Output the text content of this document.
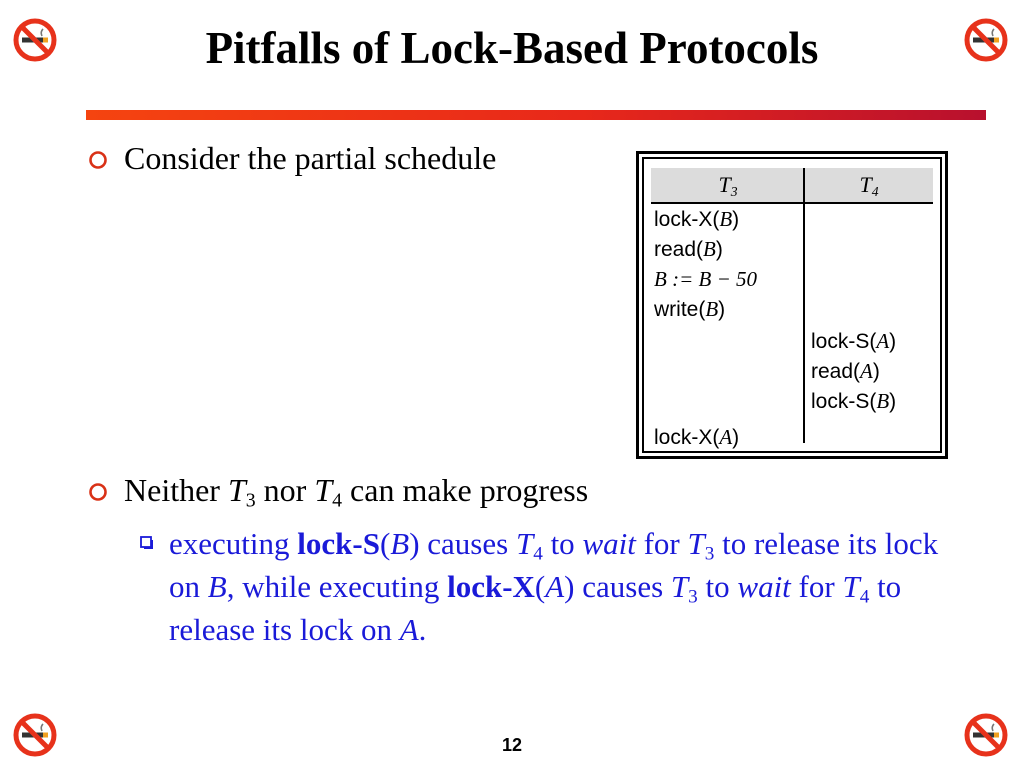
Pitfalls of Lock-Based Protocols
Consider the partial schedule
$T_3$	$T_4$
lock-X(B)
read(B)
B := B − 50
write(B)
lock-S(A)
read(A)
lock-S(B)
lock-X(A)
Neither $T_3$ nor $T_4$ can make progress
executing lock-S(B) causes $T_4$ to wait for $T_3$ to release its lock on B, while executing lock-X(A) causes $T_3$ to wait for $T_4$ to release its lock on A.
12
